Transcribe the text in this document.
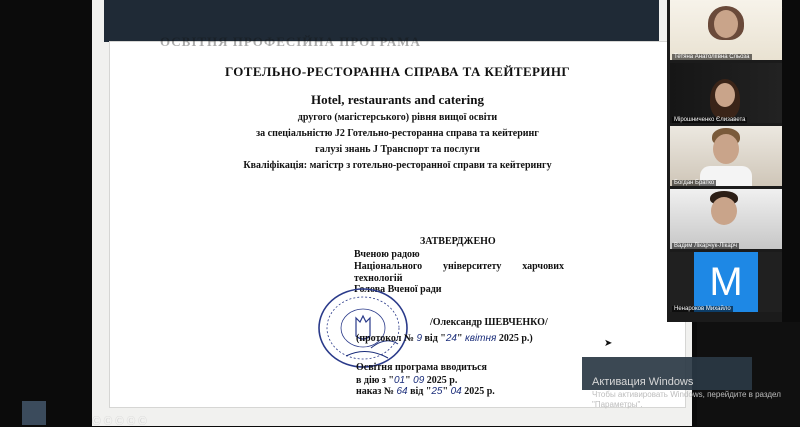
ГОТЕЛЬНО-РЕСТОРАННА СПРАВА ТА КЕЙТЕРИНГ
Hotel, restaurants and catering
другого (магістерського) рівня вищої освіти
за спеціальністю J2 Готельно-ресторанна справа та кейтеринг
галузі знань J Транспорт та послуги
Кваліфікація: магістр з готельно-ресторанної справи та кейтерингу
ЗАТВЕРДЖЕНО
Вченою радою
Національного університету харчових
технологій
Голова Вченої ради
/Олександр ШЕВЧЕНКО/
(протокол № 9 від "24" квітня 2025 р.)
Освітня програма вводиться
в дію з "01" 09 2025 р.
наказ № 64 від "25" 04 2025 р.
ОСВІТНЯ ПРОФЕСІЙНА ПРОГРАМА
➤
Ⓒ Ⓒ Ⓒ Ⓒ Ⓒ
Тетяна Анатоліївна Сльоза
Мірошниченко Єлизавета
Богдан Братко
Вадим Лікарчук-Лікарч
M
Ненароков Михайло
Активация Windows
Чтобы активировать Windows, перейдите в раздел "Параметры".
